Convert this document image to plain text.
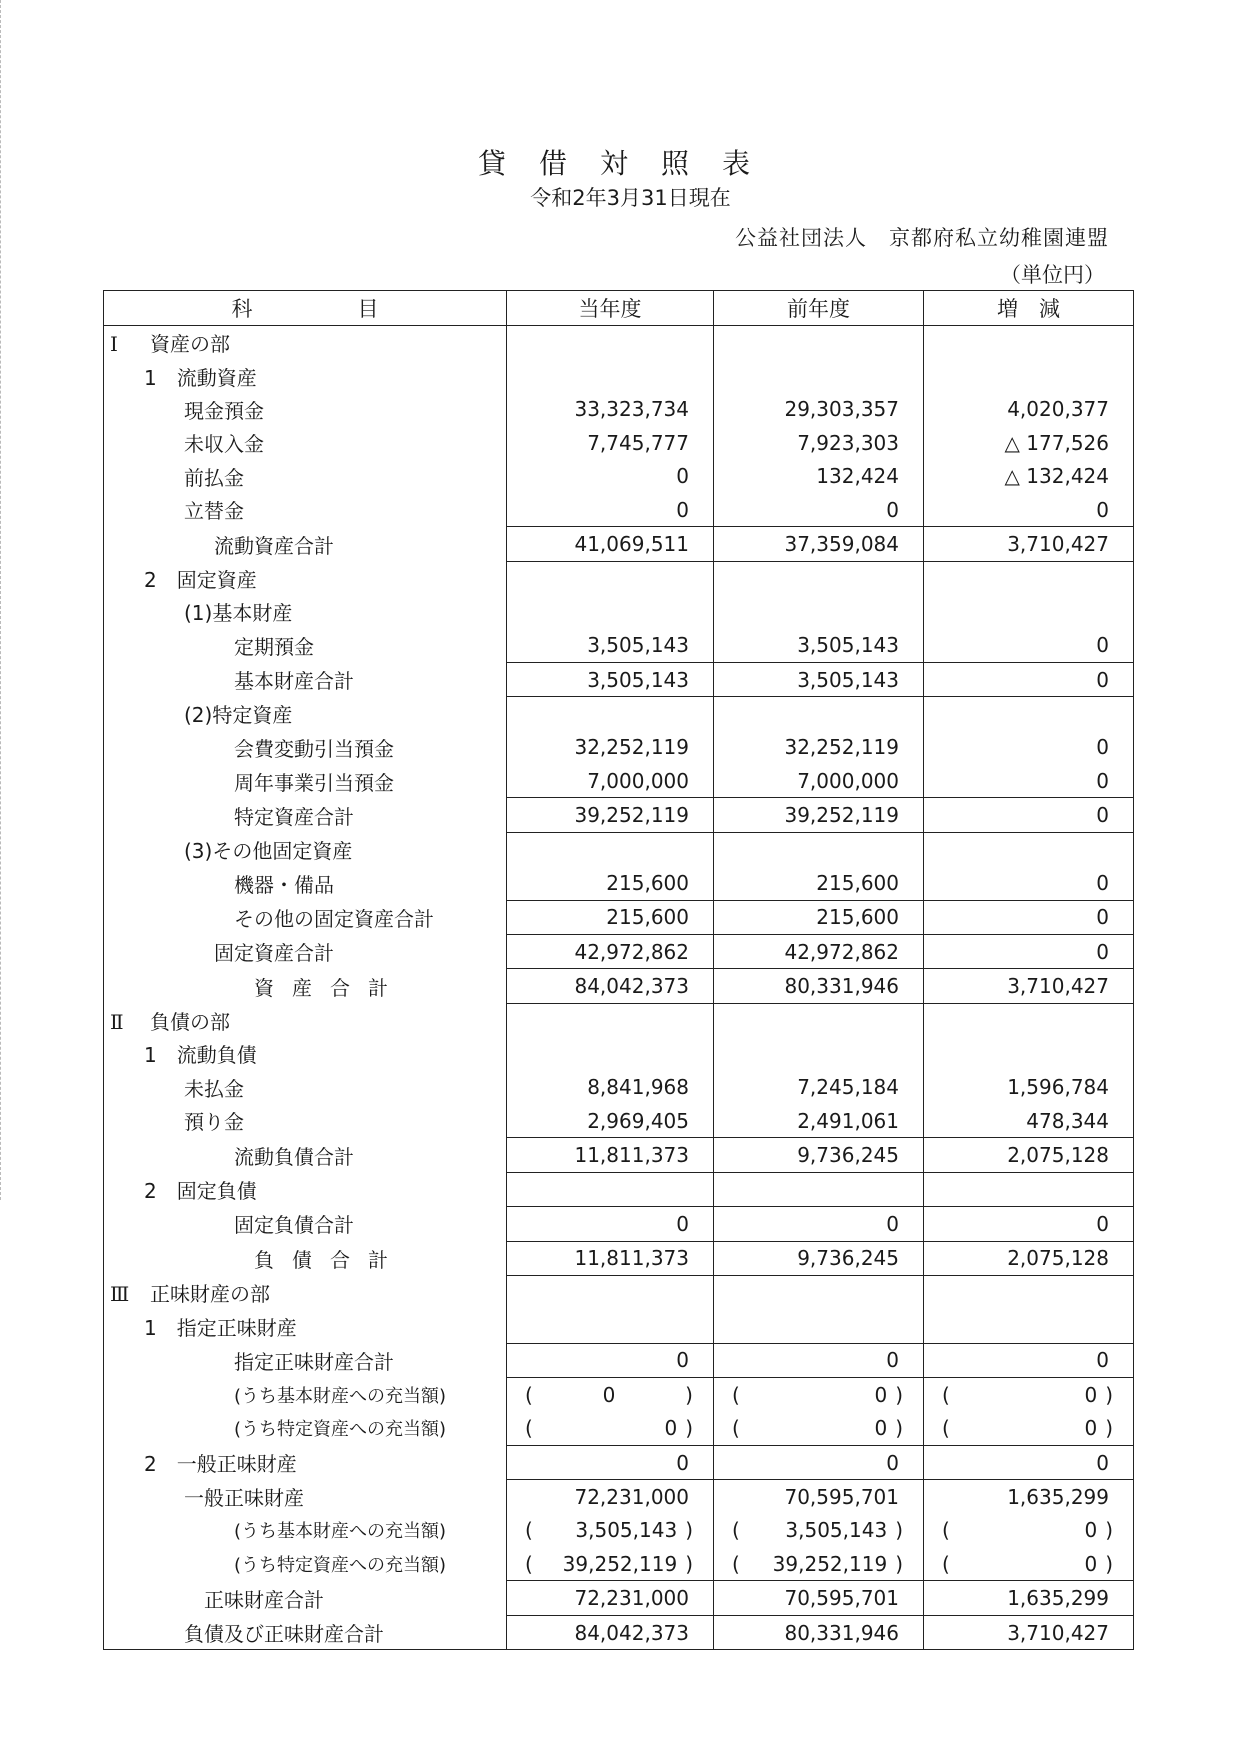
貸借対照表
令和2年3月31日現在
公益社団法人　京都府私立幼稚園連盟
（単位円）
科　　　　　目	当年度	前年度	増　減
Ⅰ 資産の部			
1　流動資産			
現金預金	33,323,734	29,303,357	4,020,377
未収入金	7,745,777	7,923,303	△ 177,526
前払金	0	132,424	△ 132,424
立替金	0	0	0
流動資産合計	41,069,511	37,359,084	3,710,427
2　固定資産			
(1)基本財産			
定期預金	3,505,143	3,505,143	0
基本財産合計	3,505,143	3,505,143	0
(2)特定資産			
会費変動引当預金	32,252,119	32,252,119	0
周年事業引当預金	7,000,000	7,000,000	0
特定資産合計	39,252,119	39,252,119	0
(3)その他固定資産			
機器・備品	215,600	215,600	0
その他の固定資産合計	215,600	215,600	0
固定資産合計	42,972,862	42,972,862	0
資産合計	84,042,373	80,331,946	3,710,427
Ⅱ 負債の部			
1　流動負債			
未払金	8,841,968	7,245,184	1,596,784
預り金	2,969,405	2,491,061	478,344
流動負債合計	11,811,373	9,736,245	2,075,128
2　固定負債			
固定負債合計	0	0	0
負債合計	11,811,373	9,736,245	2,075,128
Ⅲ 正味財産の部			
1　指定正味財産			
指定正味財産合計	0	0	0
(うち基本財産への充当額)	( 0 )	( 0 )	( 0 )

(うち特定資産への充当額)	( 0 )	( 0 )	( 0 )

2　一般正味財産	0	0	0
一般正味財産	72,231,000	70,595,701	1,635,299
(うち基本財産への充当額)	( 3,505,143 )	( 3,505,143 )	( 0 )

(うち特定資産への充当額)	( 39,252,119 )	( 39,252,119 )	( 0 )

正味財産合計	72,231,000	70,595,701	1,635,299
負債及び正味財産合計	84,042,373	80,331,946	3,710,427
